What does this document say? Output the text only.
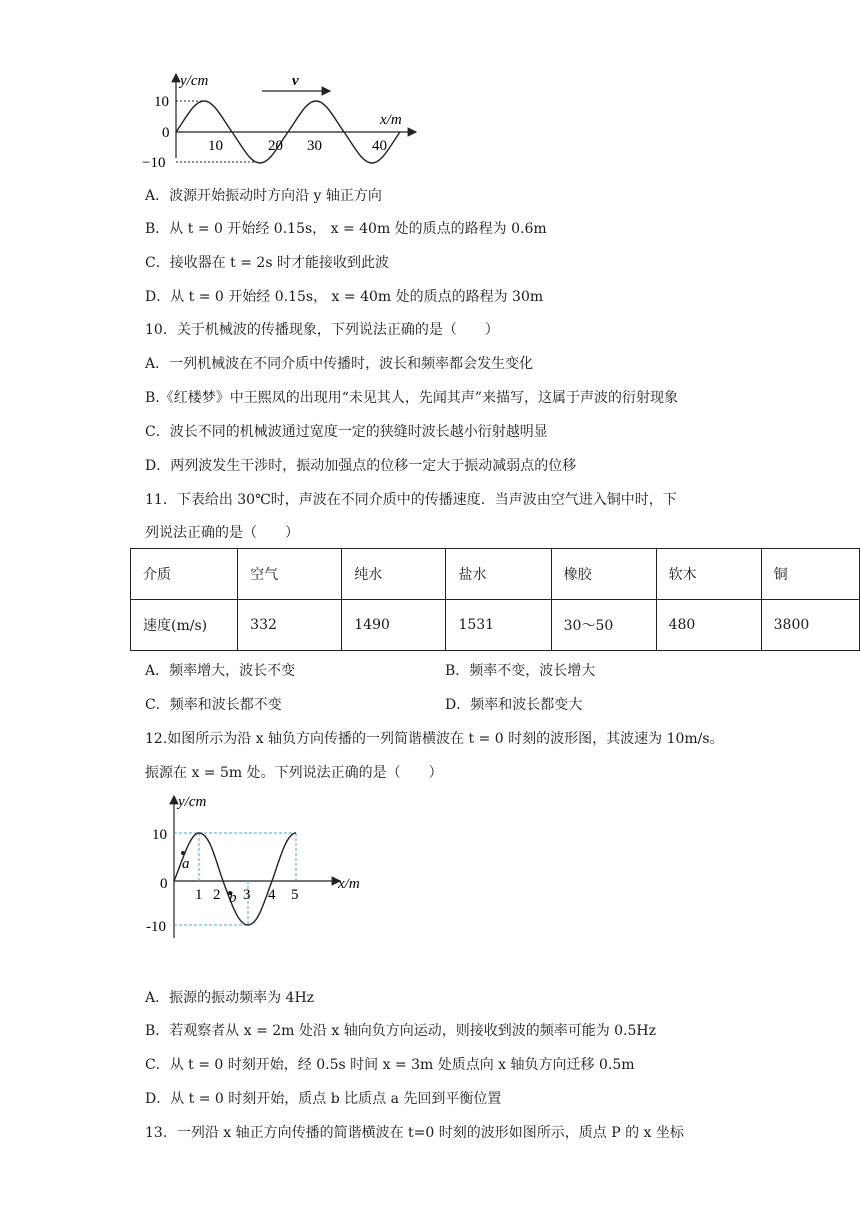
y/cm
x/m
v
10
0
−10
10	20 30	40
A．波源开始振动时方向沿 y 轴正方向
B．从 t = 0 开始经 0.15s， x = 40m 处的质点的路程为 0.6m
C．接收器在 t = 2s 时才能接收到此波
D．从 t = 0 开始经 0.15s， x = 40m 处的质点的路程为 30m
10．关于机械波的传播现象，下列说法正确的是（　　）
A．一列机械波在不同介质中传播时，波长和频率都会发生变化
B.《红楼梦》中王熙凤的出现用“未见其人，先闻其声”来描写，这属于声波的衍射现象
C．波长不同的机械波通过宽度一定的狭缝时波长越小衍射越明显
D．两列波发生干涉时，振动加强点的位移一定大于振动减弱点的位移
11．下表给出 30℃时，声波在不同介质中的传播速度．当声波由空气进入铜中时，下
列说法正确的是（　　）
介质	空气	纯水	盐水	橡胶	软木	铜
速度(m/s)	332	1490	1531	30～50	480	3800
A．频率增大，波长不变	B．频率不变，波长增大
C．频率和波长都不变	D．频率和波长都变大
12.如图所示为沿 x 轴负方向传播的一列简谐横波在 t = 0 时刻的波形图，其波速为 10m/s。
振源在 x = 5m 处。下列说法正确的是（　　）
y/cm
x/m
10
0
-10
1 2 3 4 5
a
b
A．振源的振动频率为 4Hz
B．若观察者从 x = 2m 处沿 x 轴向负方向运动，则接收到波的频率可能为 0.5Hz
C．从 t = 0 时刻开始，经 0.5s 时间 x = 3m 处质点向 x 轴负方向迁移 0.5m
D．从 t = 0 时刻开始，质点 b 比质点 a 先回到平衡位置
13．一列沿 x 轴正方向传播的简谐横波在 t=0 时刻的波形如图所示，质点 P 的 x 坐标
